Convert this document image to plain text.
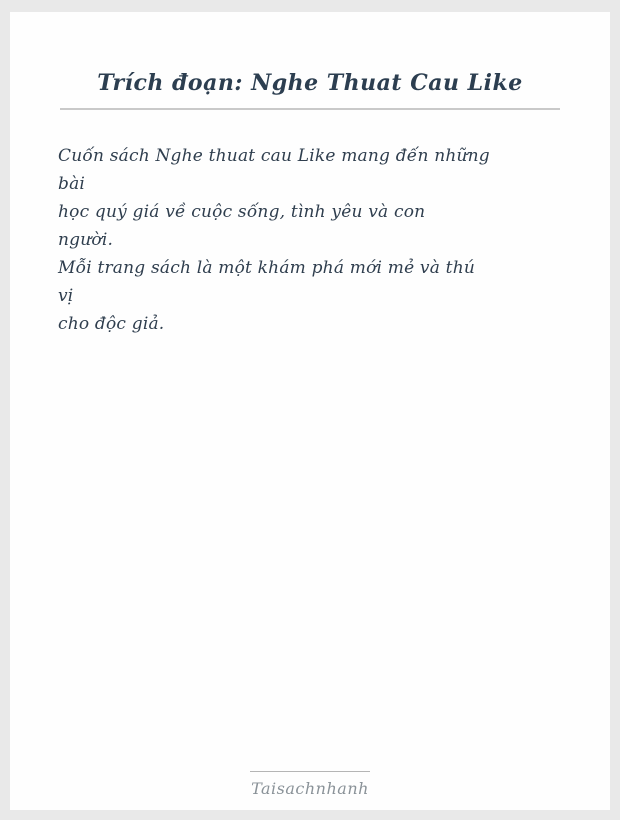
Trích đoạn: Nghe Thuat Cau Like

Cuốn sách Nghe thuat cau Like mang đến những

bài

học quý giá về cuộc sống, tình yêu và con

người.

Mỗi trang sách là một khám phá mới mẻ và thú

vị

cho độc giả.

Taisachnhanh
